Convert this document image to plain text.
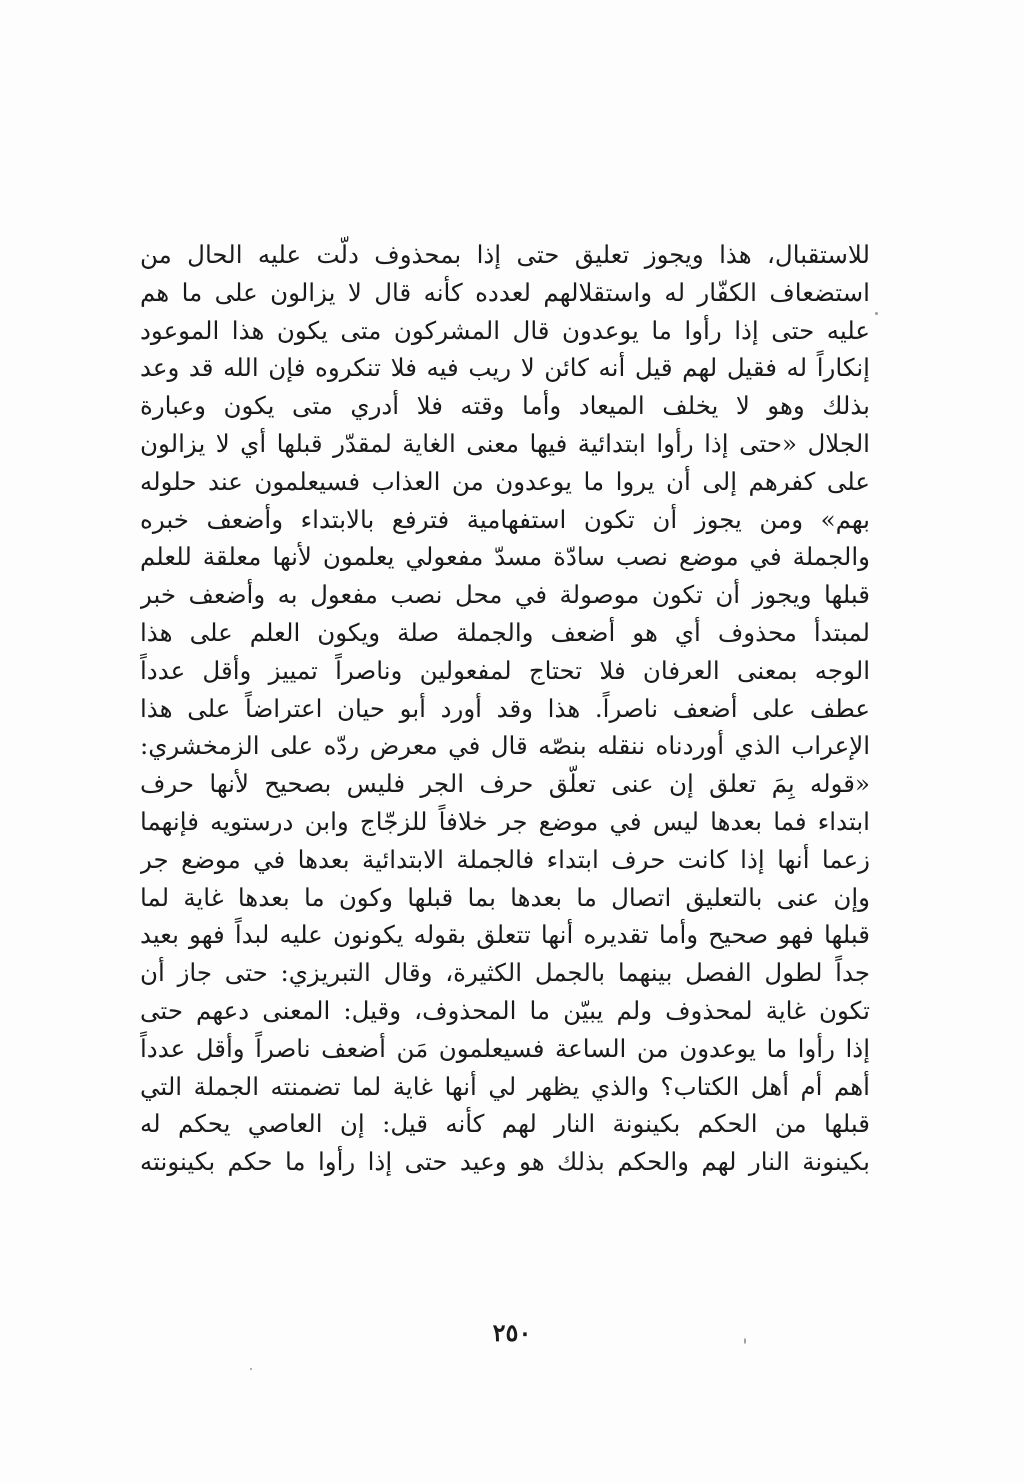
للاستقبال، هذا ويجوز تعليق حتى إذا بمحذوف دلّت عليه الحال من
استضعاف الكفّار له واستقلالهم لعدده كأنه قال لا يزالون على ما هم
عليه حتى إذا رأوا ما يوعدون قال المشركون متى يكون هذا الموعود
إنكاراً له فقيل لهم قيل أنه كائن لا ريب فيه فلا تنكروه فإن الله قد وعد
بذلك وهو لا يخلف الميعاد وأما وقته فلا أدري متى يكون وعبارة
الجلال «حتى إذا رأوا ابتدائية فيها معنى الغاية لمقدّر قبلها أي لا يزالون
على كفرهم إلى أن يروا ما يوعدون من العذاب فسيعلمون عند حلوله
بهم» ومن يجوز أن تكون استفهامية فترفع بالابتداء وأضعف خبره
والجملة في موضع نصب سادّة مسدّ مفعولي يعلمون لأنها معلقة للعلم
قبلها ويجوز أن تكون موصولة في محل نصب مفعول به وأضعف خبر
لمبتدأ محذوف أي هو أضعف والجملة صلة ويكون العلم على هذا
الوجه بمعنى العرفان فلا تحتاج لمفعولين وناصراً تمييز وأقل عدداً
عطف على أضعف ناصراً. هذا وقد أورد أبو حيان اعتراضاً على هذا
الإعراب الذي أوردناه ننقله بنصّه قال في معرض ردّه على الزمخشري:
«قوله بِمَ تعلق إن عنى تعلّق حرف الجر فليس بصحيح لأنها حرف
ابتداء فما بعدها ليس في موضع جر خلافاً للزجّاج وابن درستويه فإنهما
زعما أنها إذا كانت حرف ابتداء فالجملة الابتدائية بعدها في موضع جر
وإن عنى بالتعليق اتصال ما بعدها بما قبلها وكون ما بعدها غاية لما
قبلها فهو صحيح وأما تقديره أنها تتعلق بقوله يكونون عليه لبداً فهو بعيد
جداً لطول الفصل بينهما بالجمل الكثيرة، وقال التبريزي: حتى جاز أن
تكون غاية لمحذوف ولم يبيّن ما المحذوف، وقيل: المعنى دعهم حتى
إذا رأوا ما يوعدون من الساعة فسيعلمون مَن أضعف ناصراً وأقل عدداً
أهم أم أهل الكتاب؟ والذي يظهر لي أنها غاية لما تضمنته الجملة التي
قبلها من الحكم بكينونة النار لهم كأنه قيل: إن العاصي يحكم له
بكينونة النار لهم والحكم بذلك هو وعيد حتى إذا رأوا ما حكم بكينونته
٢٥٠
